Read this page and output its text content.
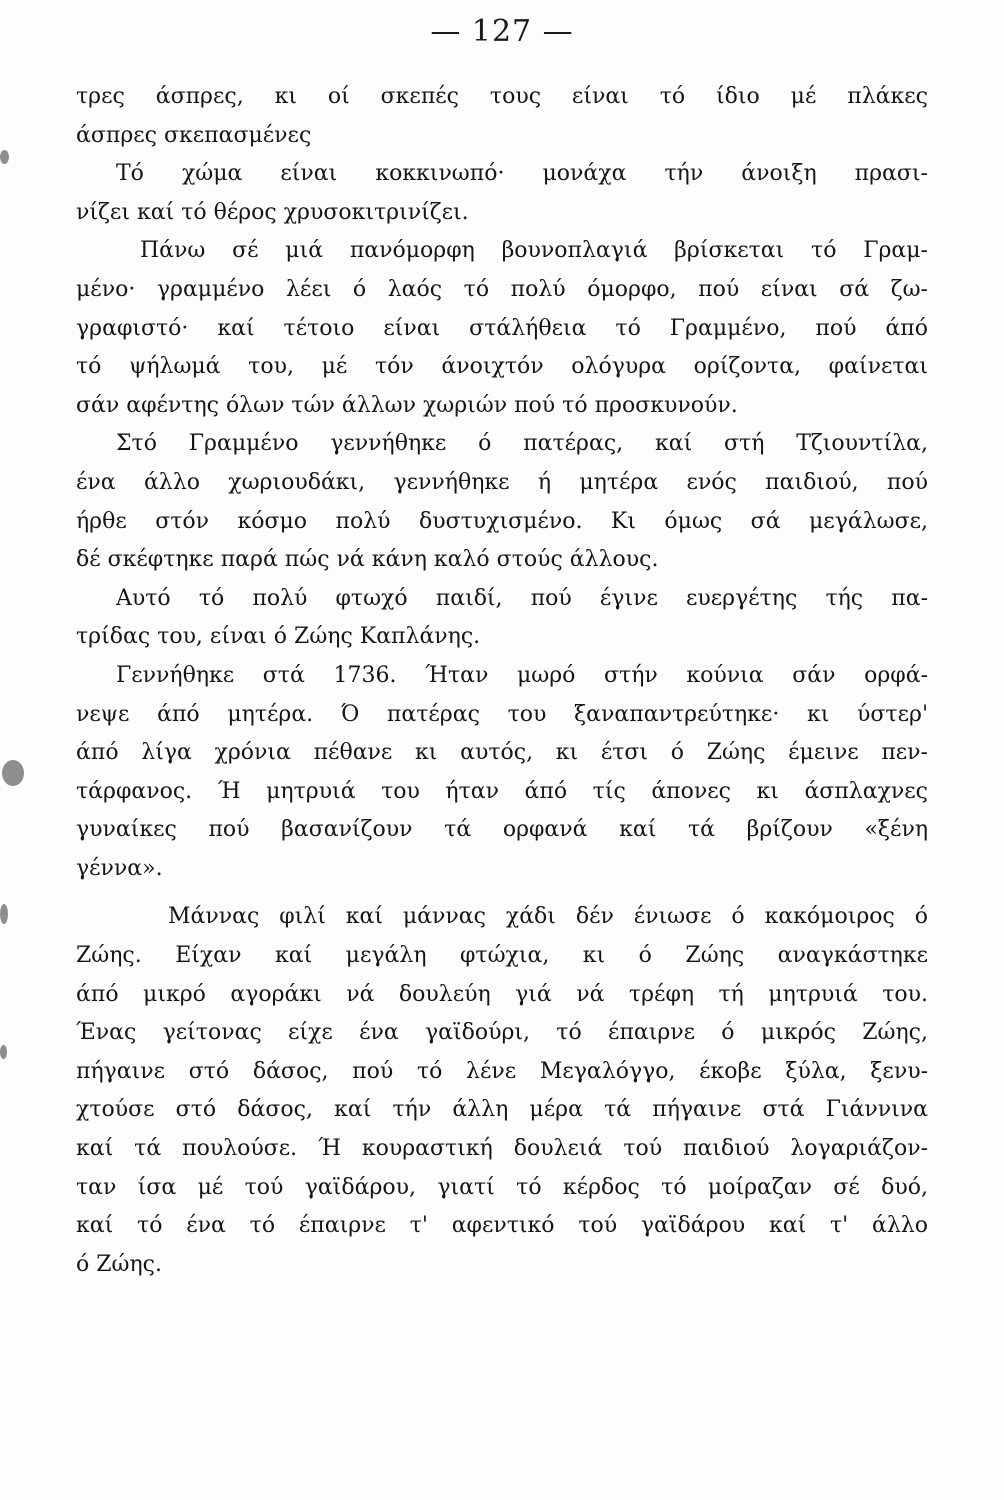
— 127 —
τρες άσπρες, κι οί σκεπές τους είναι τό ίδιο μέ πλάκες
άσπρες σκεπασμένες
Τό χώμα είναι κοκκινωπό· μονάχα τήν άνοιξη πρασι-
νίζει καί τό θέρος χρυσοκιτρινίζει.
Πάνω σέ μιά πανόμορφη βουνοπλαγιά βρίσκεται τό Γραμ-
μένο· γραμμένο λέει ό λαός τό πολύ όμορφο, πού είναι σά ζω-
γραφιστό· καί τέτοιο είναι στάλήθεια τό Γραμμένο, πού άπό
τό ψήλωμά του, μέ τόν άνοιχτόν ολόγυρα ορίζοντα, φαίνεται
σάν αφέντης όλων τών άλλων χωριών πού τό προσκυνούν.
Στό Γραμμένο γεννήθηκε ό πατέρας, καί στή Τζιουντίλα,
ένα άλλο χωριουδάκι, γεννήθηκε ή μητέρα ενός παιδιού, πού
ήρθε στόν κόσμο πολύ δυστυχισμένο. Κι όμως σά μεγάλωσε,
δέ σκέφτηκε παρά πώς νά κάνη καλό στούς άλλους.
Αυτό τό πολύ φτωχό παιδί, πού έγινε ευεργέτης τής πα-
τρίδας του, είναι ό Ζώης Καπλάνης.
Γεννήθηκε στά 1736. Ήταν μωρό στήν κούνια σάν ορφά-
νεψε άπό μητέρα. Ό πατέρας του ξαναπαντρεύτηκε· κι ύστερ'
άπό λίγα χρόνια πέθανε κι αυτός, κι έτσι ό Ζώης έμεινε πεν-
τάρφανος. Ή μητρυιά του ήταν άπό τίς άπονες κι άσπλαχνες
γυναίκες πού βασανίζουν τά ορφανά καί τά βρίζουν «ξένη
γέννα».
Μάννας φιλί καί μάννας χάδι δέν ένιωσε ό κακόμοιρος ό
Ζώης. Είχαν καί μεγάλη φτώχια, κι ό Ζώης αναγκάστηκε
άπό μικρό αγοράκι νά δουλεύη γιά νά τρέφη τή μητρυιά του.
Ένας γείτονας είχε ένα γαϊδούρι, τό έπαιρνε ό μικρός Ζώης,
πήγαινε στό δάσος, πού τό λένε Μεγαλόγγο, έκοβε ξύλα, ξενυ-
χτούσε στό δάσος, καί τήν άλλη μέρα τά πήγαινε στά Γιάννινα
καί τά πουλούσε. Ή κουραστική δουλειά τού παιδιού λογαριάζον-
ταν ίσα μέ τού γαϊδάρου, γιατί τό κέρδος τό μοίραζαν σέ δυό,
καί τό ένα τό έπαιρνε τ' αφεντικό τού γαϊδάρου καί τ' άλλο
ό Ζώης.
